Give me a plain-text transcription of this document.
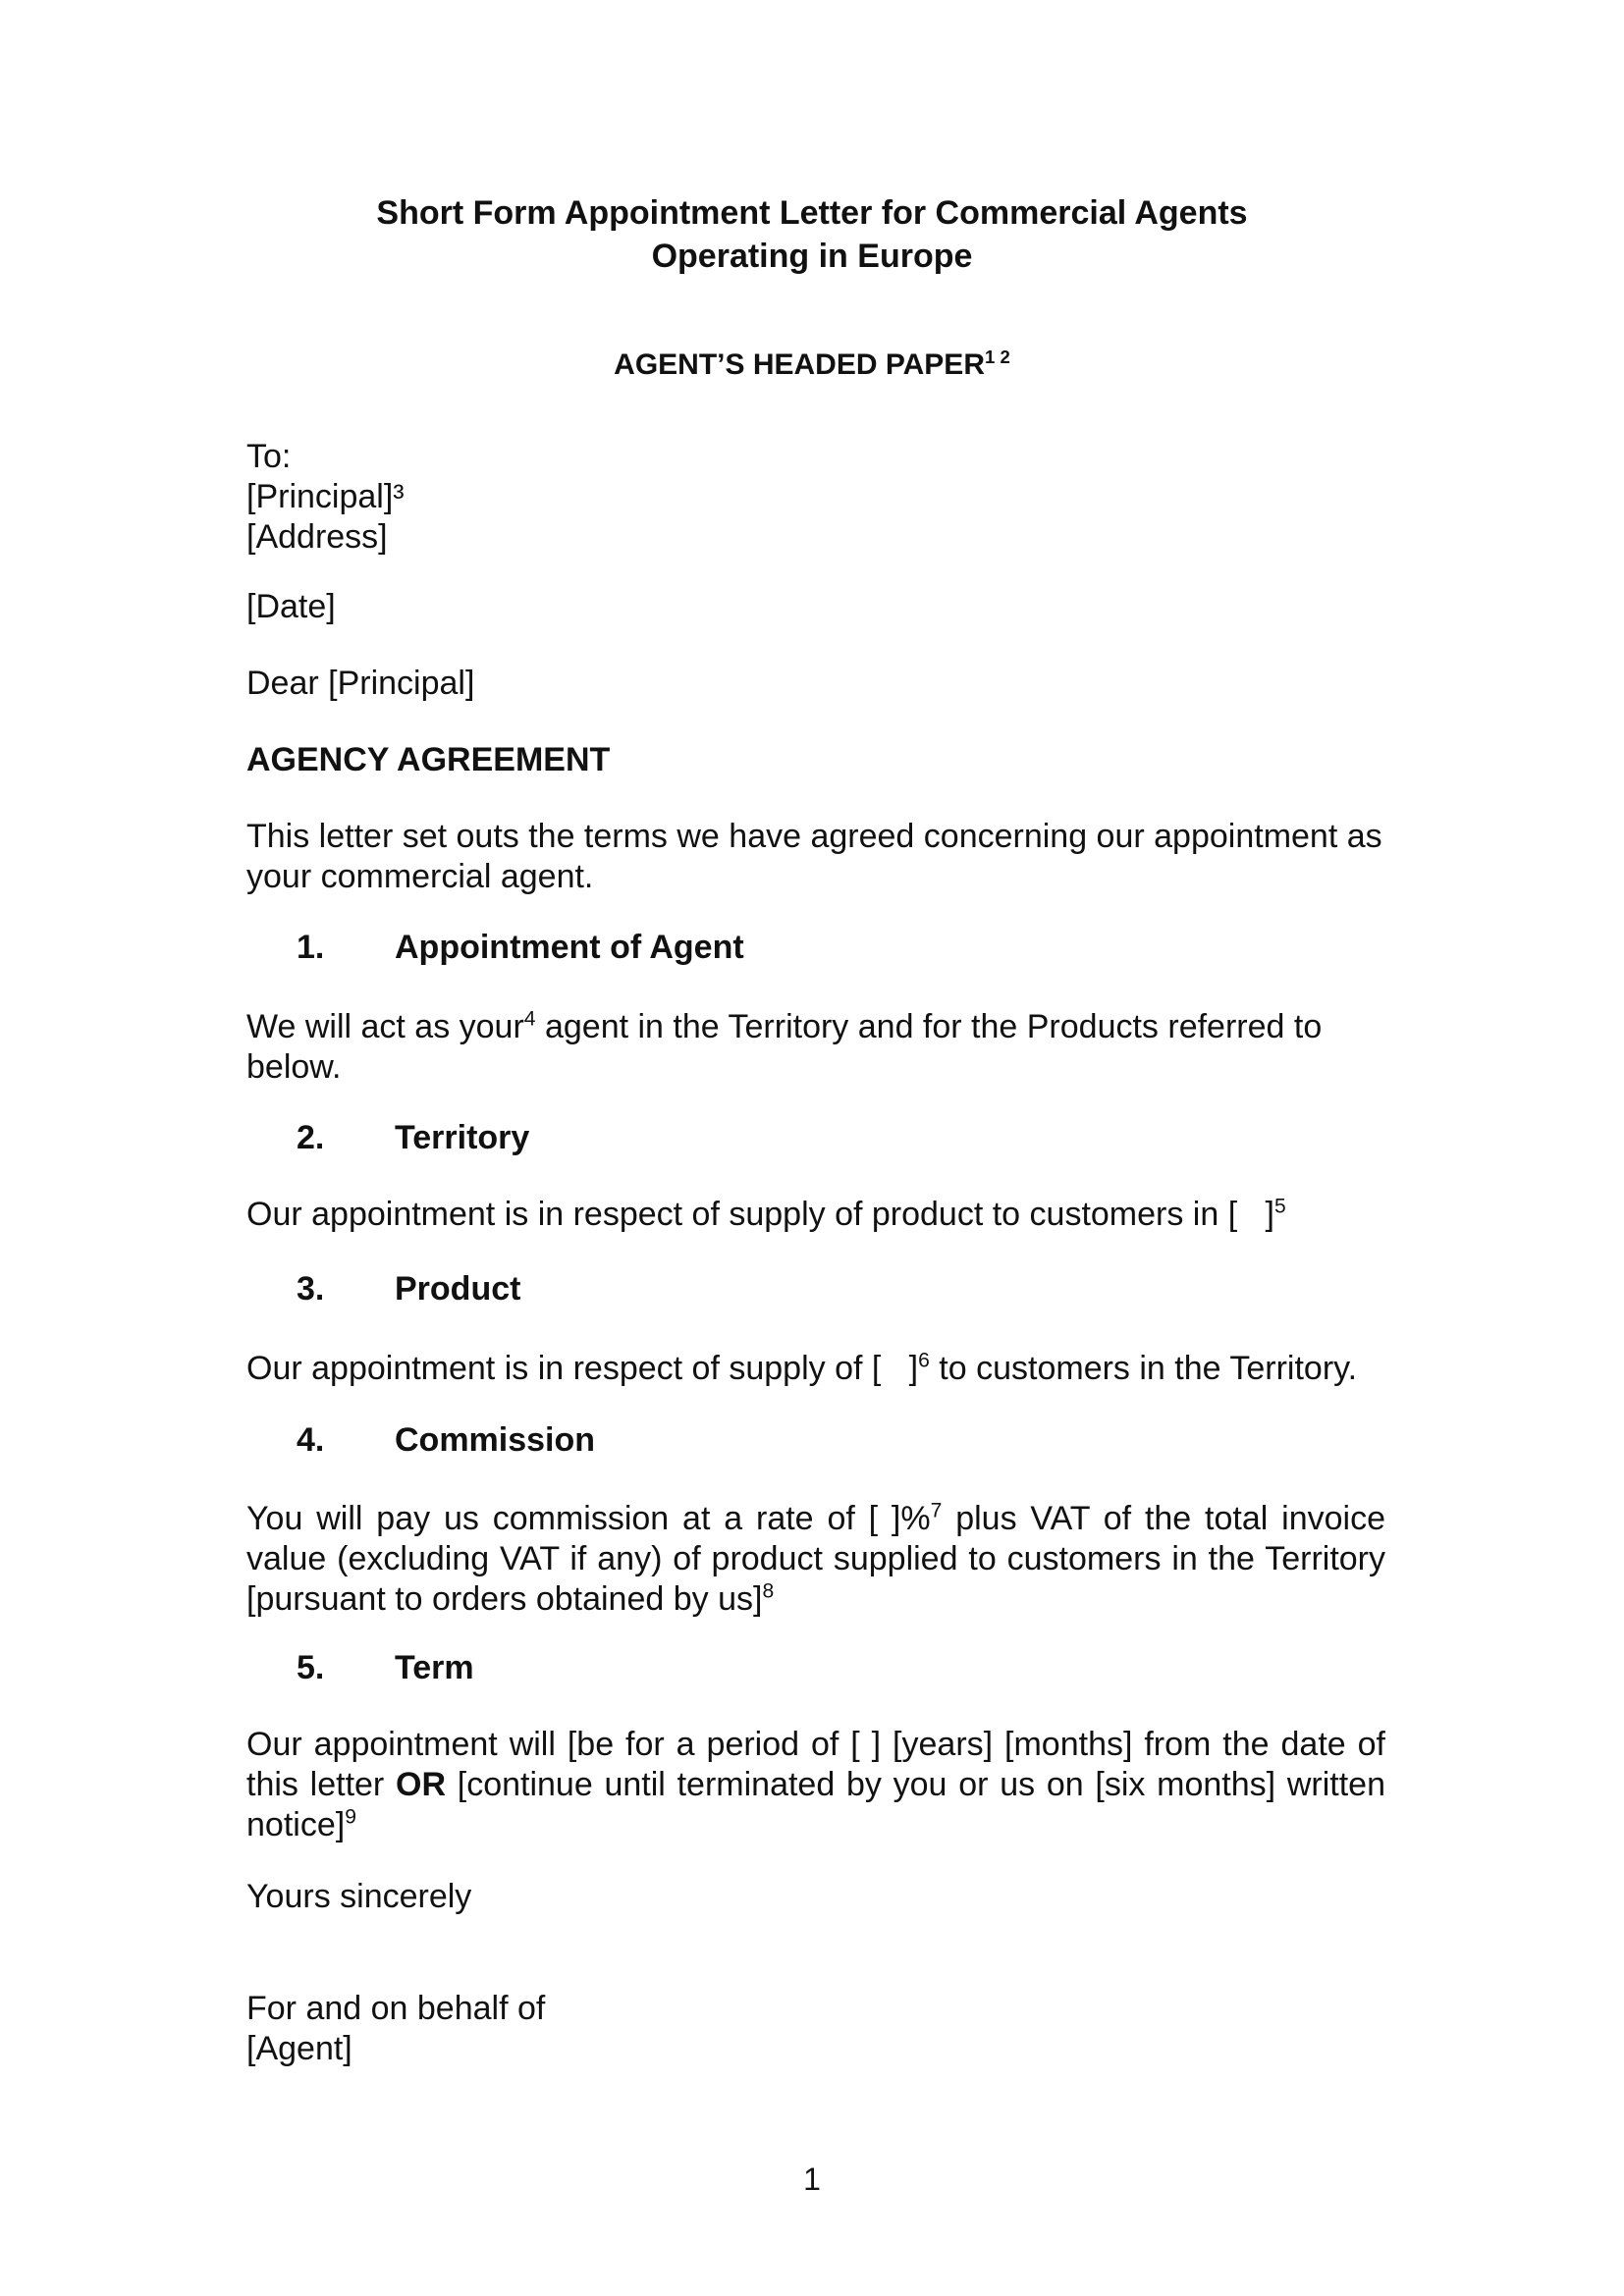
Short Form Appointment Letter for Commercial Agents
Operating in Europe
AGENT’S HEADED $PAPER^{1 2}$
To:
[Principal]³
[Address]
[Date]
Dear [Principal]
AGENCY AGREEMENT
This letter set outs the terms we have agreed concerning our appointment as your commercial agent.
1. Appointment of Agent
We will act as your$^4$ agent in the Territory and for the Products referred to below.
2. Territory
Our appointment is in respect of supply of product to customers in [   ]$^5$
3. Product
Our appointment is in respect of supply of [   ]$^6$ to customers in the Territory.
4. Commission
You will pay us commission at a rate of [ ]%$^7$ plus VAT of the total invoice value (excluding VAT if any) of product supplied to customers in the Territory [pursuant to orders obtained by us]$^8$
5. Term
Our appointment will [be for a period of [ ] [years] [months] from the date of this letter OR [continue until terminated by you or us on [six months] written notice]$^9$
Yours sincerely
For and on behalf of
[Agent]
1
